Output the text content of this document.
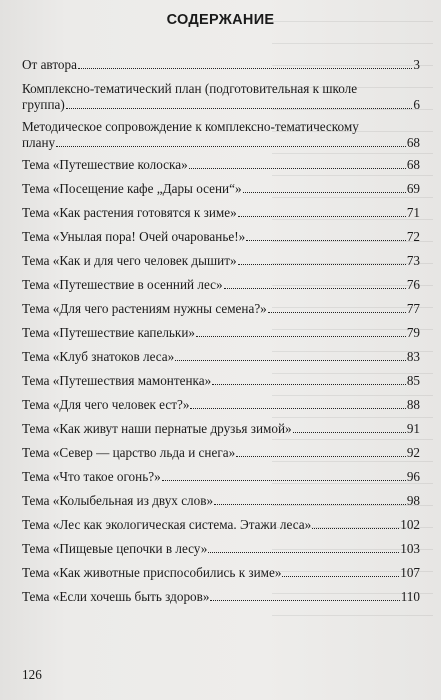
СОДЕРЖАНИЕ
От автора	3
Комплексно-тематический план (подготовительная к школе
группа)	6
Методическое сопровождение к комплексно-тематическому
плану	68
Тема «Путешествие колоска»	68
Тема «Посещение кафе „Дары осени“»	69
Тема «Как растения готовятся к зиме»	71
Тема «Унылая пора! Очей очарованье!»	72
Тема «Как и для чего человек дышит»	73
Тема «Путешествие в осенний лес»	76
Тема «Для чего растениям нужны семена?»	77
Тема «Путешествие капельки»	79
Тема «Клуб знатоков леса»	83
Тема «Путешествия мамонтенка»	85
Тема «Для чего человек ест?»	88
Тема «Как живут наши пернатые друзья зимой»	91
Тема «Север — царство льда и снега»	92
Тема «Что такое огонь?»	96
Тема «Колыбельная из двух слов»	98
Тема «Лес как экологическая система. Этажи леса»	102
Тема «Пищевые цепочки в лесу»	103
Тема «Как животные приспособились к зиме»	107
Тема «Если хочешь быть здоров»	110
126
